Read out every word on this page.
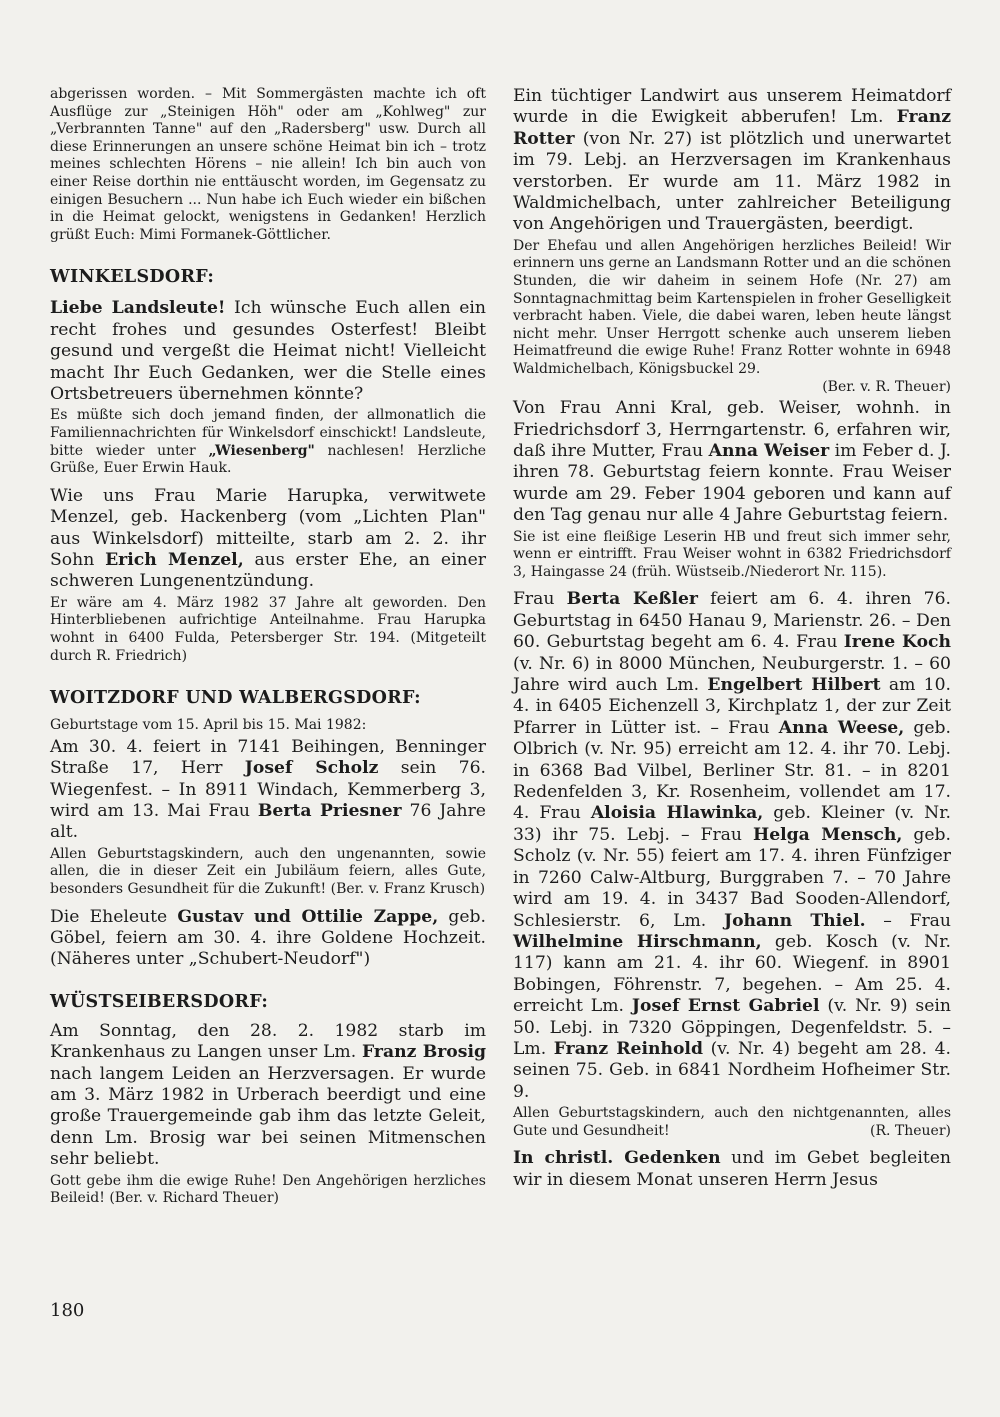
abgerissen worden. – Mit Sommergästen machte ich oft Ausflüge zur „Steinigen Höh" oder am „Kohlweg" zur „Verbrannten Tanne" auf den „Radersberg" usw. Durch all diese Erinnerungen an unsere schöne Heimat bin ich – trotz meines schlechten Hörens – nie allein! Ich bin auch von einer Reise dorthin nie enttäuscht worden, im Gegensatz zu einigen Besuchern ... Nun habe ich Euch wieder ein bißchen in die Heimat gelockt, wenigstens in Gedanken! Herzlich grüßt Euch: Mimi Formanek-Göttlicher.

WINKELSDORF:

Liebe Landsleute! Ich wünsche Euch allen ein recht frohes und gesundes Osterfest! Bleibt gesund und vergeßt die Heimat nicht! Vielleicht macht Ihr Euch Gedanken, wer die Stelle eines Ortsbetreuers übernehmen könnte?

Es müßte sich doch jemand finden, der allmonatlich die Familiennachrichten für Winkelsdorf einschickt! Landsleute, bitte wieder unter „Wiesenberg" nachlesen! Herzliche Grüße, Euer Erwin Hauk.

Wie uns Frau Marie Harupka, verwitwete Menzel, geb. Hackenberg (vom „Lichten Plan" aus Winkelsdorf) mitteilte, starb am 2. 2. ihr Sohn Erich Menzel, aus erster Ehe, an einer schweren Lungenentzündung.

Er wäre am 4. März 1982 37 Jahre alt geworden. Den Hinterbliebenen aufrichtige Anteilnahme. Frau Harupka wohnt in 6400 Fulda, Petersberger Str. 194. (Mitgeteilt durch R. Friedrich)

WOITZDORF UND WALBERGSDORF:

Geburtstage vom 15. April bis 15. Mai 1982:

Am 30. 4. feiert in 7141 Beihingen, Benninger Straße 17, Herr Josef Scholz sein 76. Wiegenfest. – In 8911 Windach, Kemmerberg 3, wird am 13. Mai Frau Berta Priesner 76 Jahre alt.

Allen Geburtstagskindern, auch den ungenannten, sowie allen, die in dieser Zeit ein Jubiläum feiern, alles Gute, besonders Gesundheit für die Zukunft! (Ber. v. Franz Krusch)

Die Eheleute Gustav und Ottilie Zappe, geb. Göbel, feiern am 30. 4. ihre Goldene Hochzeit. (Näheres unter „Schubert-Neudorf")

WÜSTSEIBERSDORF:

Am Sonntag, den 28. 2. 1982 starb im Krankenhaus zu Langen unser Lm. Franz Brosig nach langem Leiden an Herzversagen. Er wurde am 3. März 1982 in Urberach beerdigt und eine große Trauergemeinde gab ihm das letzte Geleit, denn Lm. Brosig war bei seinen Mitmenschen sehr beliebt.

Gott gebe ihm die ewige Ruhe! Den Angehörigen herzliches Beileid! (Ber. v. Richard Theuer)

Ein tüchtiger Landwirt aus unserem Heimatdorf wurde in die Ewigkeit abberufen! Lm. Franz Rotter (von Nr. 27) ist plötzlich und unerwartet im 79. Lebj. an Herzversagen im Krankenhaus verstorben. Er wurde am 11. März 1982 in Waldmichelbach, unter zahlreicher Beteiligung von Angehörigen und Trauergästen, beerdigt.

Der Ehefau und allen Angehörigen herzliches Beileid! Wir erinnern uns gerne an Landsmann Rotter und an die schönen Stunden, die wir daheim in seinem Hofe (Nr. 27) am Sonntagnachmittag beim Kartenspielen in froher Geselligkeit verbracht haben. Viele, die dabei waren, leben heute längst nicht mehr. Unser Herrgott schenke auch unserem lieben Heimatfreund die ewige Ruhe! Franz Rotter wohnte in 6948 Waldmichelbach, Königsbuckel 29.

(Ber. v. R. Theuer)

Von Frau Anni Kral, geb. Weiser, wohnh. in Friedrichsdorf 3, Herrngartenstr. 6, erfahren wir, daß ihre Mutter, Frau Anna Weiser im Feber d. J. ihren 78. Geburtstag feiern konnte. Frau Weiser wurde am 29. Feber 1904 geboren und kann auf den Tag genau nur alle 4 Jahre Geburtstag feiern.

Sie ist eine fleißige Leserin HB und freut sich immer sehr, wenn er eintrifft. Frau Weiser wohnt in 6382 Friedrichsdorf 3, Haingasse 24 (früh. Wüstseib./Niederort Nr. 115).

Frau Berta Keßler feiert am 6. 4. ihren 76. Geburtstag in 6450 Hanau 9, Marienstr. 26. – Den 60. Geburtstag begeht am 6. 4. Frau Irene Koch (v. Nr. 6) in 8000 München, Neuburgerstr. 1. – 60 Jahre wird auch Lm. Engelbert Hilbert am 10. 4. in 6405 Eichenzell 3, Kirchplatz 1, der zur Zeit Pfarrer in Lütter ist. – Frau Anna Weese, geb. Olbrich (v. Nr. 95) erreicht am 12. 4. ihr 70. Lebj. in 6368 Bad Vilbel, Berliner Str. 81. – in 8201 Redenfelden 3, Kr. Rosenheim, vollendet am 17. 4. Frau Aloisia Hlawinka, geb. Kleiner (v. Nr. 33) ihr 75. Lebj. – Frau Helga Mensch, geb. Scholz (v. Nr. 55) feiert am 17. 4. ihren Fünfziger in 7260 Calw-Altburg, Burggraben 7. – 70 Jahre wird am 19. 4. in 3437 Bad Sooden-Allendorf, Schlesierstr. 6, Lm. Johann Thiel. – Frau Wilhelmine Hirschmann, geb. Kosch (v. Nr. 117) kann am 21. 4. ihr 60. Wiegenf. in 8901 Bobingen, Föhrenstr. 7, begehen. – Am 25. 4. erreicht Lm. Josef Ernst Gabriel (v. Nr. 9) sein 50. Lebj. in 7320 Göppingen, Degenfeldstr. 5. – Lm. Franz Reinhold (v. Nr. 4) begeht am 28. 4. seinen 75. Geb. in 6841 Nordheim Hofheimer Str. 9.

Allen Geburtstagskindern, auch den nichtgenannten, alles Gute und Gesundheit!	(R. Theuer)

In christl. Gedenken und im Gebet begleiten wir in diesem Monat unseren Herrn Jesus

180
